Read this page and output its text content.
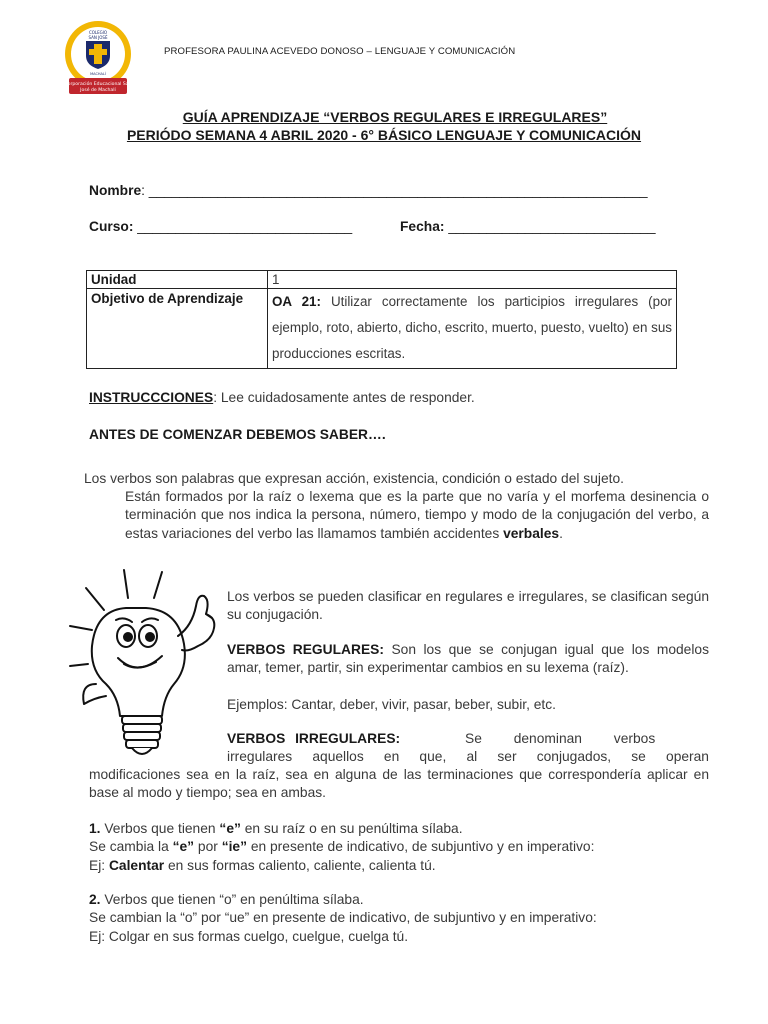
COLEGIO
SAN JOSÉ
MACHALÍ
Corporación Educacional San
José de Machalí
PROFESORA PAULINA ACEVEDO DONOSO – LENGUAJE Y COMUNICACIÓN
GUÍA APRENDIZAJE “VERBOS REGULARES E IRREGULARES”
PERIÓDO SEMANA 4 ABRIL 2020 - 6° BÁSICO LENGUAJE Y COMUNICACIÓN
Nombre: _________________________________________________________________
Curso: ____________________________	Fecha: ___________________________
Unidad	1
Objetivo de Aprendizaje	OA 21: Utilizar correctamente los participios irregulares (por ejemplo, roto, abierto, dicho, escrito, muerto, puesto, vuelto) en sus producciones escritas.
INSTRUCCCIONES: Lee cuidadosamente antes de responder.
ANTES DE COMENZAR DEBEMOS SABER….
Los verbos son palabras que expresan acción, existencia, condición o estado del sujeto.
Están formados por la raíz o lexema que es la parte que no varía y el morfema desinencia o terminación que nos indica la persona, número, tiempo y modo de la conjugación del verbo, a estas variaciones del verbo las llamamos también accidentes verbales.
Los verbos se pueden clasificar en regulares e irregulares, se clasifican según su conjugación.
VERBOS REGULARES: Son los que se conjugan igual que los modelos amar, temer, partir, sin experimentar cambios en su lexema (raíz).
Ejemplos: Cantar, deber, vivir, pasar, beber, subir, etc.
VERBOS IRREGULARES:	Se denominan verbos
irregulares aquellos en que, al ser conjugados, se operan
modificaciones sea en la raíz, sea en alguna de las terminaciones que correspondería aplicar en base al modo y tiempo; sea en ambas.
1. Verbos que tienen “e” en su raíz o en su penúltima sílaba.
Se cambia la “e” por “ie” en presente de indicativo, de subjuntivo y en imperativo:
Ej: Calentar en sus formas caliento, caliente, calienta tú.
2. Verbos que tienen “o” en penúltima sílaba.
Se cambian la “o” por “ue” en presente de indicativo, de subjuntivo y en imperativo:
Ej: Colgar en sus formas cuelgo, cuelgue, cuelga tú.
